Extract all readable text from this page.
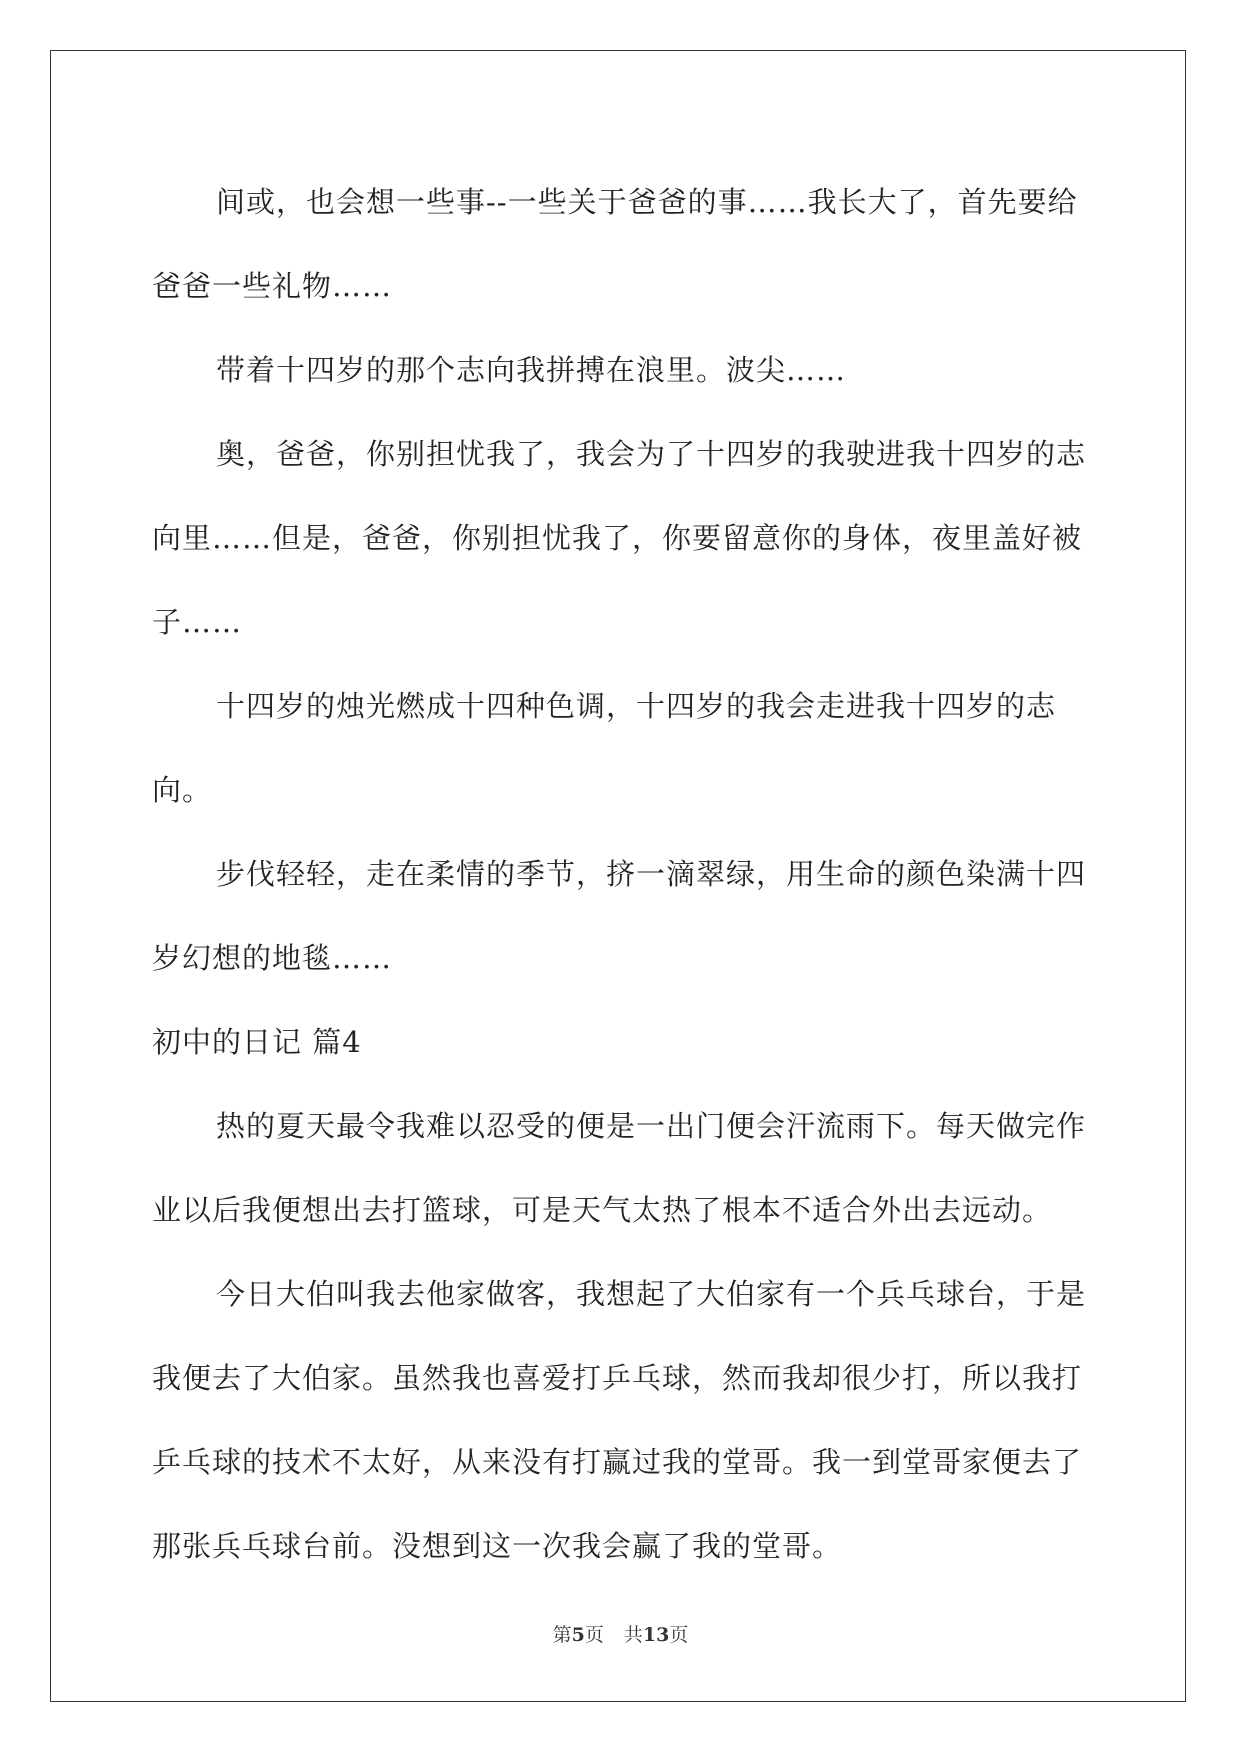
间或，也会想一些事--一些关于爸爸的事……我长大了，首先要给爸爸一些礼物……

带着十四岁的那个志向我拼搏在浪里。波尖……

奥，爸爸，你别担忧我了，我会为了十四岁的我驶进我十四岁的志向里……但是，爸爸，你别担忧我了，你要留意你的身体，夜里盖好被子……

十四岁的烛光燃成十四种色调，十四岁的我会走进我十四岁的志向。

步伐轻轻，走在柔情的季节，挤一滴翠绿，用生命的颜色染满十四岁幻想的地毯……

初中的日记 篇4

热的夏天最令我难以忍受的便是一出门便会汗流雨下。每天做完作业以后我便想出去打篮球，可是天气太热了根本不适合外出去远动。

今日大伯叫我去他家做客，我想起了大伯家有一个兵乓球台，于是我便去了大伯家。虽然我也喜爱打乒乓球，然而我却很少打，所以我打乒乓球的技术不太好，从来没有打赢过我的堂哥。我一到堂哥家便去了那张兵乓球台前。没想到这一次我会赢了我的堂哥。

第5页 共13页
